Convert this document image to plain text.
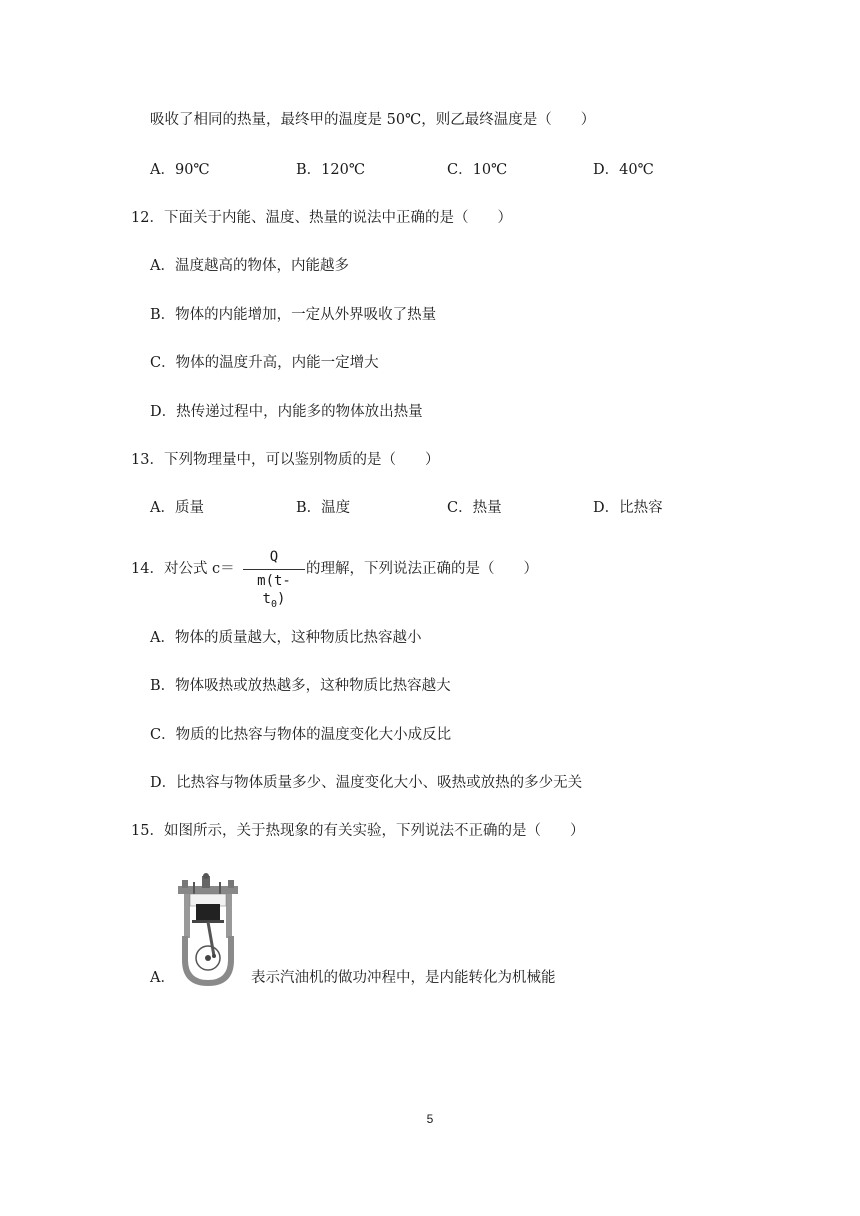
吸收了相同的热量，最终甲的温度是 50℃，则乙最终温度是（　　）
A．90℃	B．120℃	C．10℃	D．40℃
12．下面关于内能、温度、热量的说法中正确的是（　　）
A．温度越高的物体，内能越多
B．物体的内能增加，一定从外界吸收了热量
C．物体的温度升高，内能一定增大
D．热传递过程中，内能多的物体放出热量
13．下列物理量中，可以鉴别物质的是（　　）
A．质量	B．温度	C．热量	D．比热容
14．对公式 c＝
Q
m(t- $t_0$)
的理解，下列说法正确的是（　　）
A．物体的质量越大，这种物质比热容越小
B．物体吸热或放热越多，这种物质比热容越大
C．物质的比热容与物体的温度变化大小成反比
D．比热容与物体质量多少、温度变化大小、吸热或放热的多少无关
15．如图所示，关于热现象的有关实验，下列说法不正确的是（　　）
A．	表示汽油机的做功冲程中，是内能转化为机械能
5
